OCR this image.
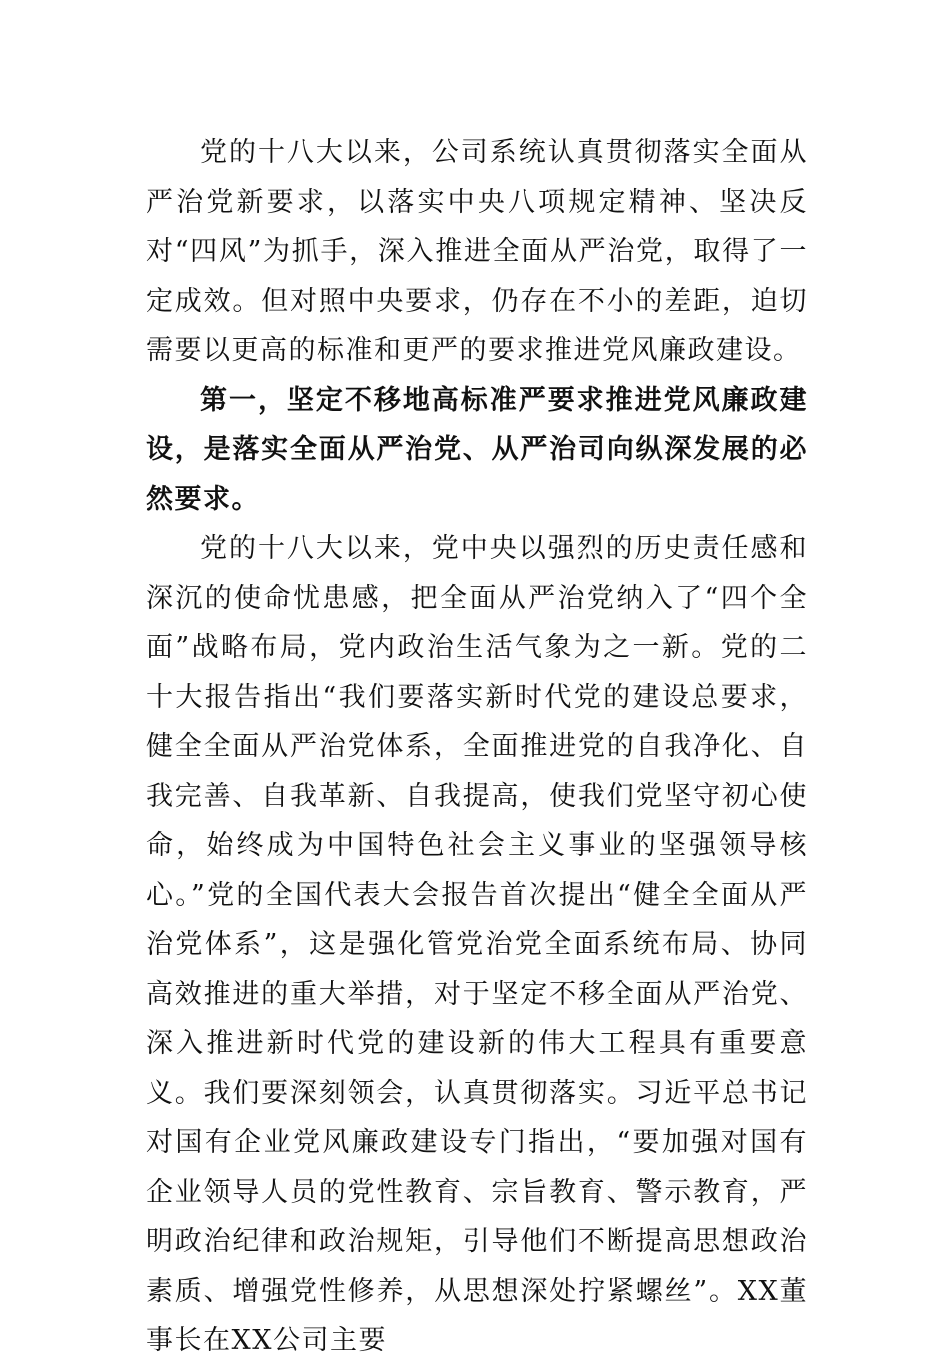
党的十八大以来，公司系统认真贯彻落实全面从严治党新要求，以落实中央八项规定精神、坚决反对“四风”为抓手，深入推进全面从严治党，取得了一定成效。但对照中央要求，仍存在不小的差距，迫切需要以更高的标准和更严的要求推进党风廉政建设。

第一，坚定不移地高标准严要求推进党风廉政建设，是落实全面从严治党、从严治司向纵深发展的必然要求。

党的十八大以来，党中央以强烈的历史责任感和深沉的使命忧患感，把全面从严治党纳入了“四个全面”战略布局，党内政治生活气象为之一新。党的二十大报告指出“我们要落实新时代党的建设总要求，健全全面从严治党体系，全面推进党的自我净化、自我完善、自我革新、自我提高，使我们党坚守初心使命，始终成为中国特色社会主义事业的坚强领导核心。”党的全国代表大会报告首次提出“健全全面从严治党体系”，这是强化管党治党全面系统布局、协同高效推进的重大举措，对于坚定不移全面从严治党、深入推进新时代党的建设新的伟大工程具有重要意义。我们要深刻领会，认真贯彻落实。习近平总书记对国有企业党风廉政建设专门指出，“要加强对国有企业领导人员的党性教育、宗旨教育、警示教育，严明政治纪律和政治规矩，引导他们不断提高思想政治素质、增强党性修养，从思想深处拧紧螺丝”。XX董事长在XX公司主要
